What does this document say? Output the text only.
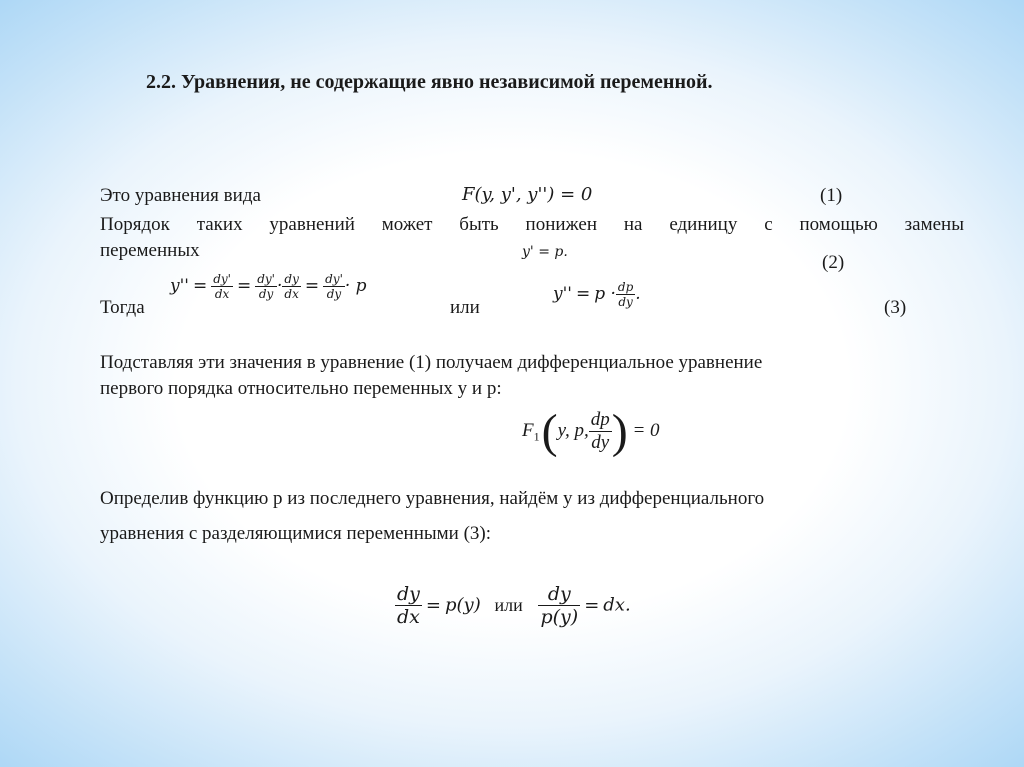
2.2. Уравнения, не содержащие явно независимой переменной.
Это уравнения вида	F(y, y', y'') = 0	(1)
Порядок таких уравнений может быть понижен на единицу с помощью замены
переменных	y' = p.	(2)
Тогда
$y'' = \frac{dy'}{dx} = \frac{dy'}{dy} \cdot \frac{dy}{dx} = \frac{dy'}{dy} \cdot p$
или
$y'' = p \cdot \frac{dp}{dy}$ .
(3)
Подставляя эти значения в уравнение (1) получаем дифференциальное уравнение
первого порядка относительно переменных y и p:
$F_1(y$, p, $\frac{dp}{dy}$ ) = 0
Определив функцию p из последнего уравнения, найдём y из дифференциального
уравнения с разделяющимися переменными (3):
$\frac{dy}{dx} = p(y)$ или $\frac{dy}{p(y)}$ = dx.
